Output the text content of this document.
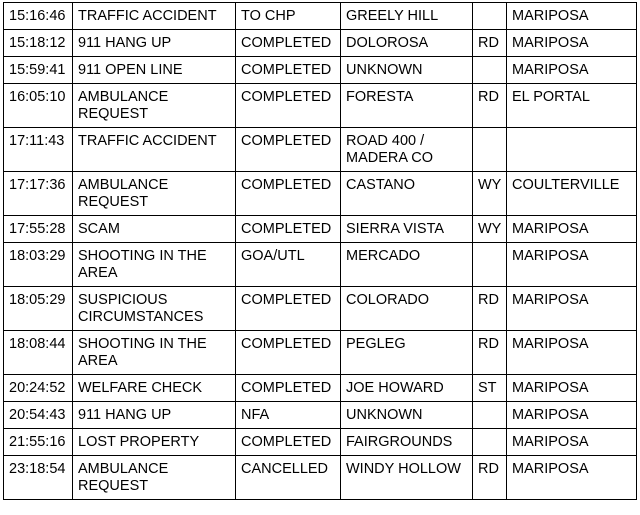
15:16:46	TRAFFIC ACCIDENT	TO CHP	GREELY HILL		MARIPOSA
15:18:12	911 HANG UP	COMPLETED	DOLOROSA	RD	MARIPOSA
15:59:41	911 OPEN LINE	COMPLETED	UNKNOWN		MARIPOSA
16:05:10	AMBULANCE REQUEST	COMPLETED	FORESTA	RD	EL PORTAL
17:11:43	TRAFFIC ACCIDENT	COMPLETED	ROAD 400 / MADERA CO		
17:17:36	AMBULANCE REQUEST	COMPLETED	CASTANO	WY	COULTERVILLE
17:55:28	SCAM	COMPLETED	SIERRA VISTA	WY	MARIPOSA
18:03:29	SHOOTING IN THE AREA	GOA/UTL	MERCADO		MARIPOSA
18:05:29	SUSPICIOUS CIRCUMSTANCES	COMPLETED	COLORADO	RD	MARIPOSA
18:08:44	SHOOTING IN THE AREA	COMPLETED	PEGLEG	RD	MARIPOSA
20:24:52	WELFARE CHECK	COMPLETED	JOE HOWARD	ST	MARIPOSA
20:54:43	911 HANG UP	NFA	UNKNOWN		MARIPOSA
21:55:16	LOST PROPERTY	COMPLETED	FAIRGROUNDS		MARIPOSA
23:18:54	AMBULANCE REQUEST	CANCELLED	WINDY HOLLOW	RD	MARIPOSA
